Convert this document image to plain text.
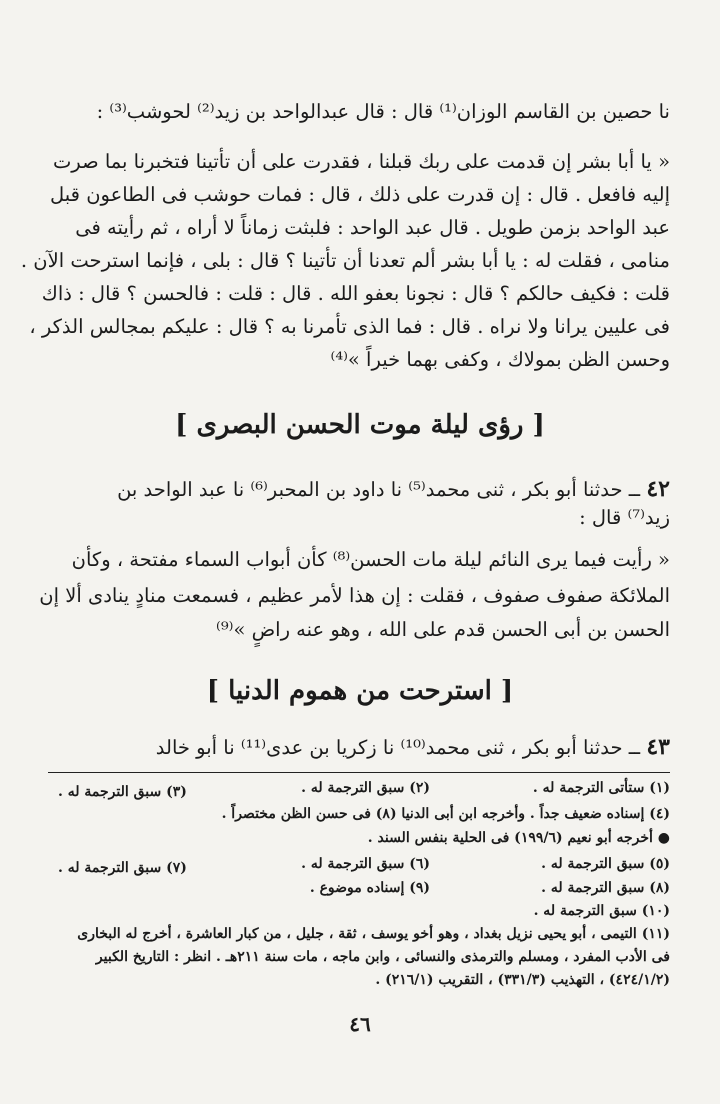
نا حصين بن القاسم الوزان⁽¹⁾ قال : قال عبدالواحد بن زيد⁽²⁾ لحوشب⁽³⁾ :
« يا أبا بشر إن قدمت على ربك قبلنا ، فقدرت على أن تأتينا فتخبرنا بما صرت
إليه فافعل . قال : إن قدرت على ذلك ، قال : فمات حوشب فى الطاعون قبل
عبد الواحد بزمن طويل . قال عبد الواحد : فلبثت زماناً لا أراه ، ثم رأيته فى
منامى ، فقلت له : يا أبا بشر ألم تعدنا أن تأتينا ؟ قال : بلى ، فإنما استرحت الآن .
قلت : فكيف حالكم ؟ قال : نجونا بعفو الله . قال : قلت : فالحسن ؟ قال : ذاك
فى عليين يرانا ولا نراه . قال : فما الذى تأمرنا به ؟ قال : عليكم بمجالس الذكر ،
وحسن الظن بمولاك ، وكفى بهما خيراً »⁽⁴⁾
[ رؤى ليلة موت الحسن البصرى ]
٤٢ ــ حدثنا أبو بكر ، ثنى محمد⁽⁵⁾ نا داود بن المحبر⁽⁶⁾ نا عبد الواحد بن
زيد⁽⁷⁾ قال :
« رأيت فيما يرى النائم ليلة مات الحسن⁽⁸⁾ كأن أبواب السماء مفتحة ، وكأن
الملائكة صفوف صفوف ، فقلت : إن هذا لأمر عظيم ، فسمعت منادٍ ينادى ألا إن
الحسن بن أبى الحسن قدم على الله ، وهو عنه راضٍ »⁽⁹⁾
[ استرحت من هموم الدنيا ]
٤٣ ــ حدثنا أبو بكر ، ثنى محمد⁽¹⁰⁾ نا زكريا بن عدى⁽¹¹⁾ نا أبو خالد
(١) ستأتى الترجمة له .
(٢) سبق الترجمة له .
(٣) سبق الترجمة له .
(٤) إسناده ضعيف جداً . وأخرجه ابن أبى الدنيا (٨) فى حسن الظن مختصراً .
● أخرجه أبو نعيم (١٩٩/٦) فى الحلية بنفس السند .
(٥) سبق الترجمة له .
(٦) سبق الترجمة له .
(٧) سبق الترجمة له .
(٨) سبق الترجمة له .
(٩) إسناده موضوع .
(١٠) سبق الترجمة له .
(١١) التيمى ، أبو يحيى نزيل بغداد ، وهو أخو يوسف ، ثقة ، جليل ، من كبار العاشرة ، أخرج له البخارى
فى الأدب المفرد ، ومسلم والترمذى والنسائى ، وابن ماجه ، مات سنة ٢١١هـ . انظر : التاريخ الكبير
(٤٢٤/١/٢) ، التهذيب (٣٣١/٣) ، التقريب (٢١٦/١) .
٤٦
